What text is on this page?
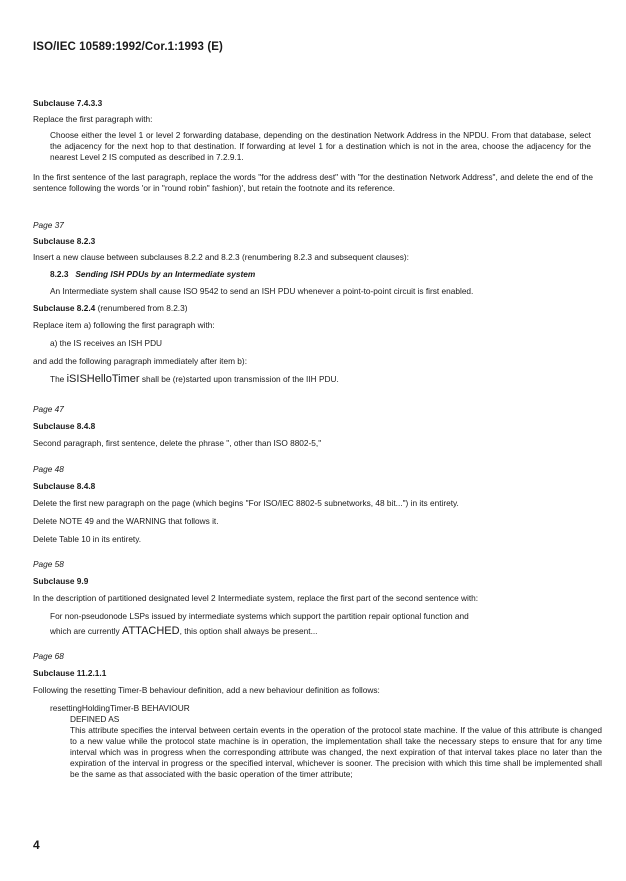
ISO/IEC 10589:1992/Cor.1:1993 (E)
Subclause 7.4.3.3
Replace the first paragraph with:
Choose either the level 1 or level 2 forwarding database, depending on the destination Network Address in the NPDU. From that database, select the adjacency for the next hop to that destination. If forwarding at level 1 for a destination which is not in the area, choose the adjacency for the nearest Level 2 IS computed as described in 7.2.9.1.
In the first sentence of the last paragraph, replace the words "for the address dest" with "for the destination Network Address", and delete the end of the sentence following the words 'or in "round robin" fashion)', but retain the footnote and its reference.
Page 37
Subclause 8.2.3
Insert a new clause between subclauses 8.2.2 and 8.2.3 (renumbering 8.2.3 and subsequent clauses):
8.2.3 Sending ISH PDUs by an Intermediate system
An Intermediate system shall cause ISO 9542 to send an ISH PDU whenever a point-to-point circuit is first enabled.
Subclause 8.2.4 (renumbered from 8.2.3)
Replace item a) following the first paragraph with:
a) the IS receives an ISH PDU
and add the following paragraph immediately after item b):
The iSISHelloTimer shall be (re)started upon transmission of the IIH PDU.
Page 47
Subclause 8.4.8
Second paragraph, first sentence, delete the phrase ", other than ISO 8802-5,"
Page 48
Subclause 8.4.8
Delete the first new paragraph on the page (which begins "For ISO/IEC 8802-5 subnetworks, 48 bit...") in its entirety.
Delete NOTE 49 and the WARNING that follows it.
Delete Table 10 in its entirety.
Page 58
Subclause 9.9
In the description of partitioned designated level 2 Intermediate system, replace the first part of the second sentence with:
For non-pseudonode LSPs issued by intermediate systems which support the partition repair optional function and
which are currently ATTACHED, this option shall always be present...
Page 68
Subclause 11.2.1.1
Following the resetting Timer-B behaviour definition, add a new behaviour definition as follows:
resettingHoldingTimer-B BEHAVIOUR
DEFINED AS
This attribute specifies the interval between certain events in the operation of the protocol state machine. If the value of this attribute is changed to a new value while the protocol state machine is in operation, the implementation shall take the necessary steps to ensure that for any time interval which was in progress when the corresponding attribute was changed, the next expiration of that interval takes place no later than the expiration of the interval in progress or the specified interval, whichever is sooner. The precision with which this time shall be implemented shall be the same as that associated with the basic operation of the timer attribute;
4
